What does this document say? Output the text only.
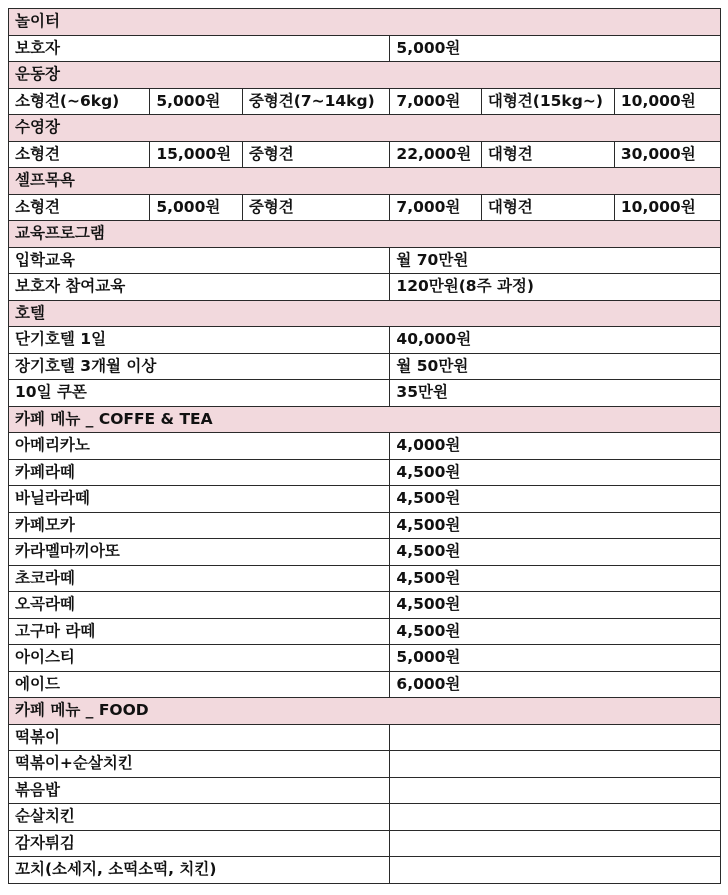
놀이터					
보호자			5,000원		
운동장					
소형견(~6kg)	5,000원	중형견(7~14kg)	7,000원	대형견(15kg~)	10,000원
수영장					
소형견	15,000원	중형견	22,000원	대형견	30,000원
셀프목욕					
소형견	5,000원	중형견	7,000원	대형견	10,000원
교육프로그램					
입학교육			월 70만원		
보호자 참여교육			120만원(8주 과정)		
호텔					
단기호텔 1일			40,000원		
장기호텔 3개월 이상			월 50만원		
10일 쿠폰			35만원		
카페 메뉴 _ COFFE & TEA					
아메리카노			4,000원		
카페라떼			4,500원		
바닐라라떼			4,500원		
카페모카			4,500원		
카라멜마끼아또			4,500원		
초코라떼			4,500원		
오곡라떼			4,500원		
고구마 라떼			4,500원		
아이스티			5,000원		
에이드			6,000원		
카페 메뉴 _ FOOD					
떡볶이					
떡볶이+순살치킨					
볶음밥					
순살치킨					
감자튀김					
꼬치(소세지, 소떡소떡, 치킨)					
